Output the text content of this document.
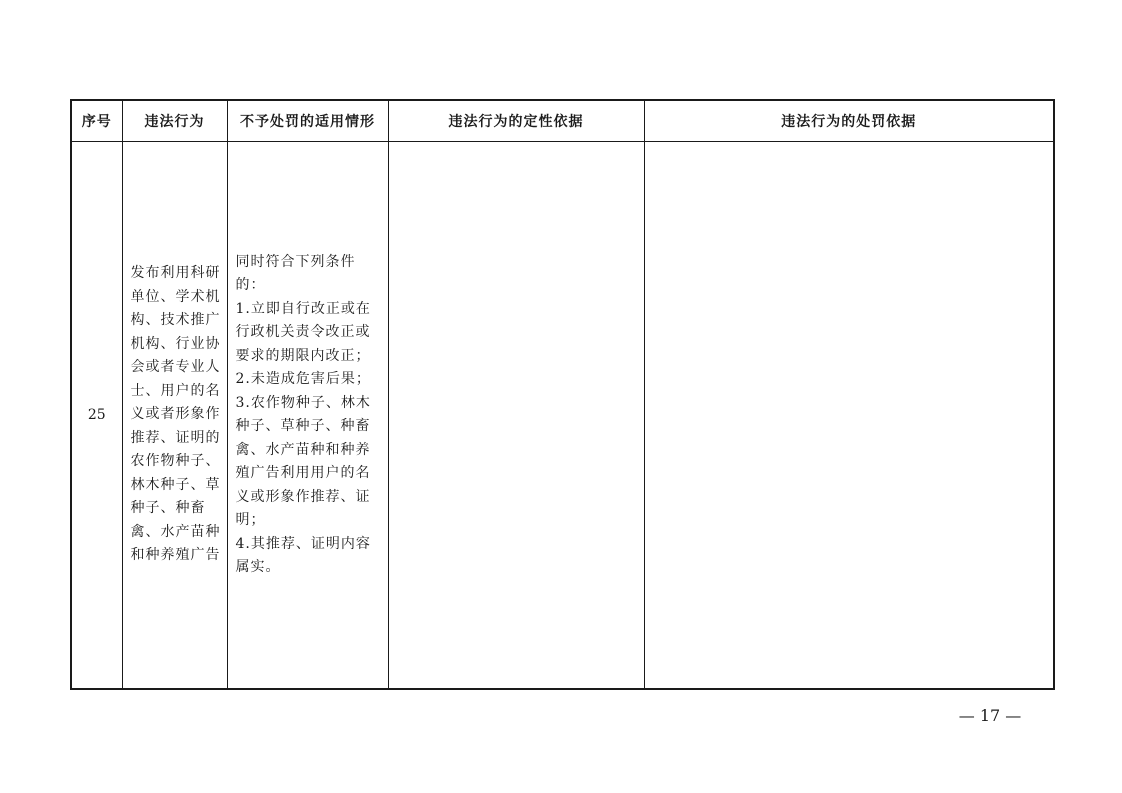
序号	违法行为	不予处罚的适用情形	违法行为的定性依据	违法行为的处罚依据
25	发布利用科研单位、学术机构、技术推广机构、行业协会或者专业人士、用户的名义或者形象作推荐、证明的农作物种子、林木种子、草种子、种畜禽、水产苗种和种养殖广告	同时符合下列条件的：
1.立即自行改正或在行政机关责令改正或要求的期限内改正；
2.未造成危害后果；
3.农作物种子、林木种子、草种子、种畜禽、水产苗种和种养殖广告利用用户的名义或形象作推荐、证明；
4.其推荐、证明内容属实。		
— 17 —
